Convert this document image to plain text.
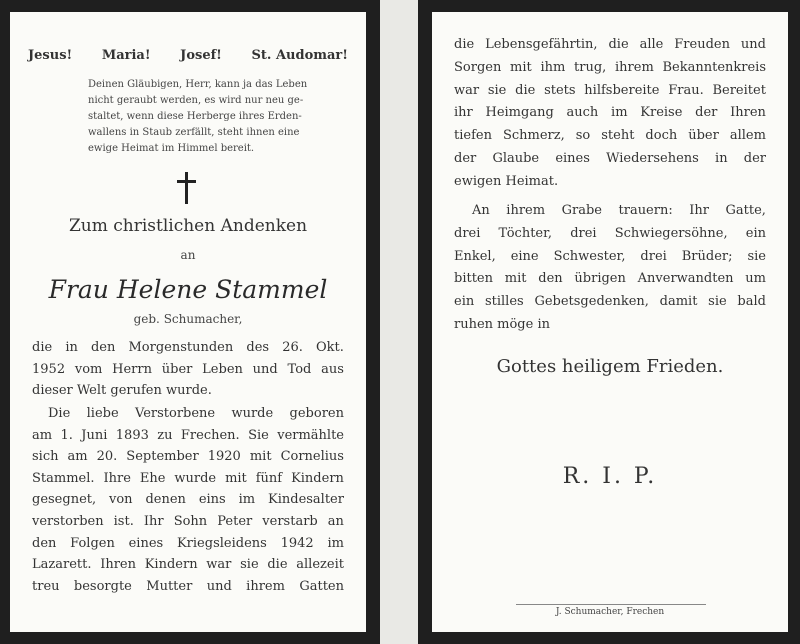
Jesus! Maria! Josef! St. Audomar!
Deinen Gläubigen, Herr, kann ja das Leben
nicht geraubt werden, es wird nur neu ge-
staltet, wenn diese Herberge ihres Erden-
wallens in Staub zerfällt, steht ihnen eine
ewige Heimat im Himmel bereit.
Zum christlichen Andenken
an
Frau Helene Stammel
geb. Schumacher,
die in den Morgenstunden des 26. Okt.
1952 vom Herrn über Leben und Tod aus
dieser Welt gerufen wurde.
Die liebe Verstorbene wurde geboren
am 1. Juni 1893 zu Frechen. Sie vermählte
sich am 20. September 1920 mit Cornelius
Stammel. Ihre Ehe wurde mit fünf Kindern
gesegnet, von denen eins im Kindesalter
verstorben ist. Ihr Sohn Peter verstarb an
den Folgen eines Kriegsleidens 1942 im
Lazarett. Ihren Kindern war sie die allezeit
treu besorgte Mutter und ihrem Gatten
die Lebensgefährtin, die alle Freuden und
Sorgen mit ihm trug, ihrem Bekanntenkreis
war sie die stets hilfsbereite Frau. Bereitet
ihr Heimgang auch im Kreise der Ihren
tiefen Schmerz, so steht doch über allem
der Glaube eines Wiedersehens in der
ewigen Heimat.
An ihrem Grabe trauern: Ihr Gatte,
drei Töchter, drei Schwiegersöhne, ein
Enkel, eine Schwester, drei Brüder; sie
bitten mit den übrigen Anverwandten um
ein stilles Gebetsgedenken, damit sie bald
ruhen möge in
Gottes heiligem Frieden.
R. I. P.
J. Schumacher, Frechen
